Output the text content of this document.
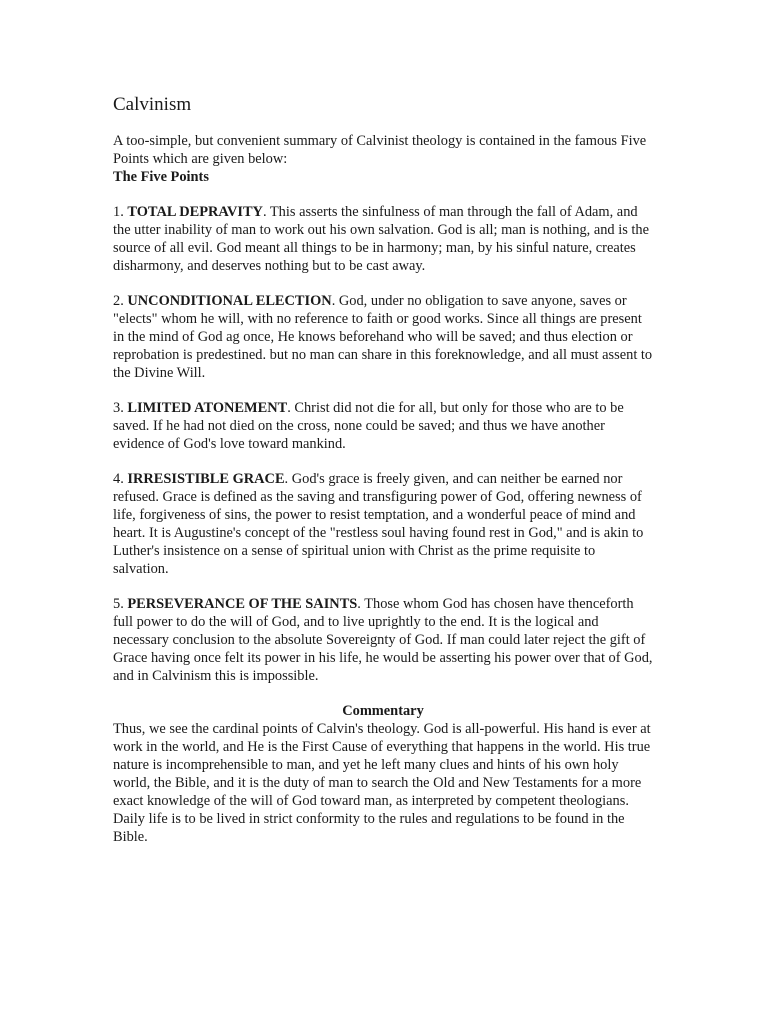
Calvinism

A too-simple, but convenient summary of Calvinist theology is contained in the famous Five Points which are given below:

The Five Points

1. TOTAL DEPRAVITY. This asserts the sinfulness of man through the fall of Adam, and the utter inability of man to work out his own salvation. God is all; man is nothing, and is the source of all evil. God meant all things to be in harmony; man, by his sinful nature, creates disharmony, and deserves nothing but to be cast away.

2. UNCONDITIONAL ELECTION. God, under no obligation to save anyone, saves or "elects" whom he will, with no reference to faith or good works. Since all things are present in the mind of God ag once, He knows beforehand who will be saved; and thus election or reprobation is predestined. but no man can share in this foreknowledge, and all must assent to the Divine Will.

3. LIMITED ATONEMENT. Christ did not die for all, but only for those who are to be saved. If he had not died on the cross, none could be saved; and thus we have another evidence of God's love toward mankind.

4. IRRESISTIBLE GRACE. God's grace is freely given, and can neither be earned nor refused. Grace is defined as the saving and transfiguring power of God, offering newness of life, forgiveness of sins, the power to resist temptation, and a wonderful peace of mind and heart. It is Augustine's concept of the "restless soul having found rest in God," and is akin to Luther's insistence on a sense of spiritual union with Christ as the prime requisite to salvation.

5. PERSEVERANCE OF THE SAINTS. Those whom God has chosen have thenceforth full power to do the will of God, and to live uprightly to the end. It is the logical and necessary conclusion to the absolute Sovereignty of God. If man could later reject the gift of Grace having once felt its power in his life, he would be asserting his power over that of God, and in Calvinism this is impossible.

Commentary

Thus, we see the cardinal points of Calvin's theology. God is all-powerful. His hand is ever at work in the world, and He is the First Cause of everything that happens in the world. His true nature is incomprehensible to man, and yet he left many clues and hints of his own holy world, the Bible, and it is the duty of man to search the Old and New Testaments for a more exact knowledge of the will of God toward man, as interpreted by competent theologians. Daily life is to be lived in strict conformity to the rules and regulations to be found in the Bible.
